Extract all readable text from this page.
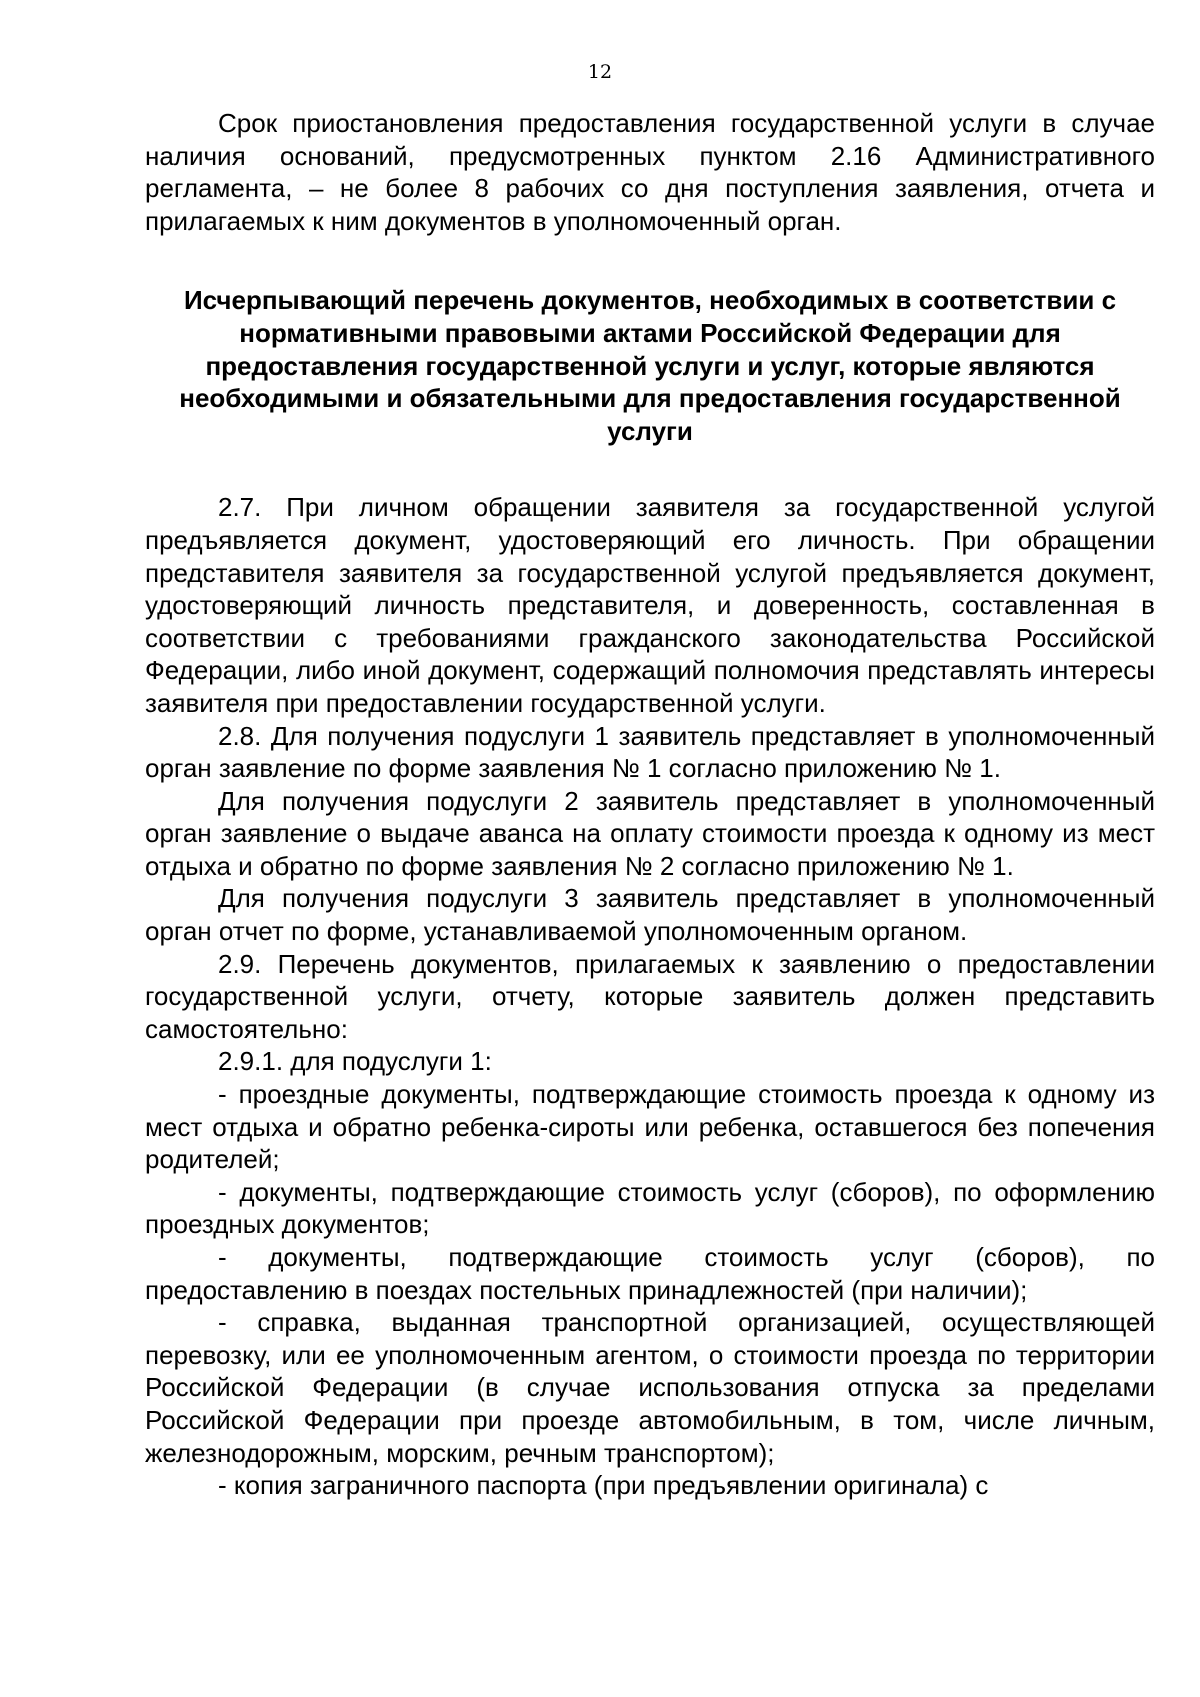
12

Срок приостановления предоставления государственной услуги в случае наличия оснований, предусмотренных пунктом 2.16 Административного регламента, – не более 8 рабочих со дня поступления заявления, отчета и прилагаемых к ним документов в уполномоченный орган.

Исчерпывающий перечень документов, необходимых в соответствии с нормативными правовыми актами Российской Федерации для предоставления государственной услуги и услуг, которые являются необходимыми и обязательными для предоставления государственной услуги

2.7. При личном обращении заявителя за государственной услугой предъявляется документ, удостоверяющий его личность. При обращении представителя заявителя за государственной услугой предъявляется документ, удостоверяющий личность представителя, и доверенность, составленная в соответствии с требованиями гражданского законодательства Российской Федерации, либо иной документ, содержащий полномочия представлять интересы заявителя при предоставлении государственной услуги.

2.8. Для получения подуслуги 1 заявитель представляет в уполномоченный орган заявление по форме заявления № 1 согласно приложению № 1.

Для получения подуслуги 2 заявитель представляет в уполномоченный орган заявление о выдаче аванса на оплату стоимости проезда к одному из мест отдыха и обратно по форме заявления № 2 согласно приложению № 1.

Для получения подуслуги 3 заявитель представляет в уполномоченный орган отчет по форме, устанавливаемой уполномоченным органом.

2.9. Перечень документов, прилагаемых к заявлению о предоставлении государственной услуги, отчету, которые заявитель должен представить самостоятельно:

2.9.1. для подуслуги 1:

- проездные документы, подтверждающие стоимость проезда к одному из мест отдыха и обратно ребенка-сироты или ребенка, оставшегося без попечения родителей;

- документы, подтверждающие стоимость услуг (сборов), по оформлению проездных документов;

- документы, подтверждающие стоимость услуг (сборов), по предоставлению в поездах постельных принадлежностей (при наличии);

- справка, выданная транспортной организацией, осуществляющей перевозку, или ее уполномоченным агентом, о стоимости проезда по территории Российской Федерации (в случае использования отпуска за пределами Российской Федерации при проезде автомобильным, в том, числе личным, железнодорожным, морским, речным транспортом);

- копия заграничного паспорта (при предъявлении оригинала) с
